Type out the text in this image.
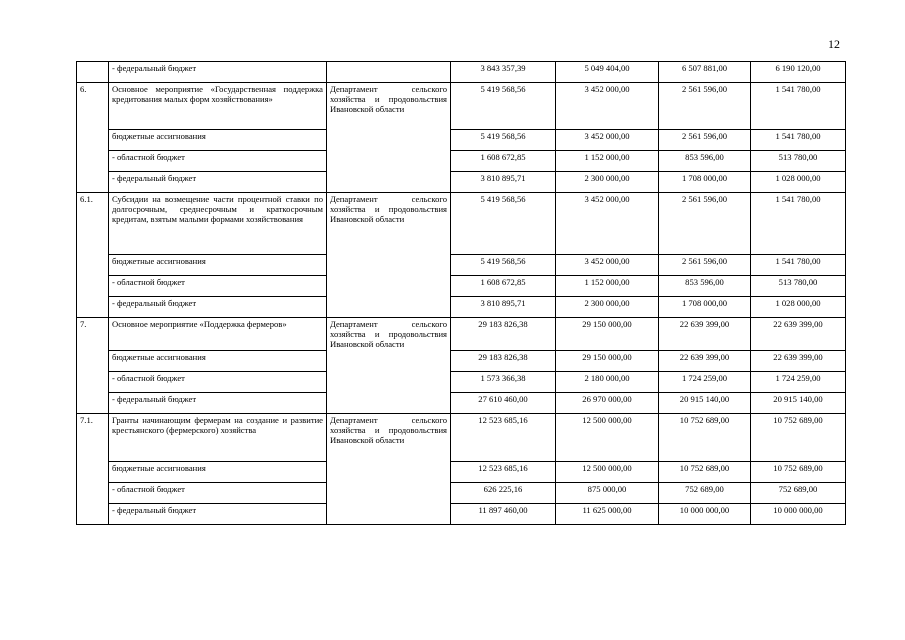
12
	- федеральный бюджет		3 843 357,39	5 049 404,00	6 507 881,00	6 190 120,00
6.	Основное мероприятие «Государственная поддержка кредитования малых форм хозяйствования»	Департамент сельского хозяйства и продовольствия Ивановской области	5 419 568,56	3 452 000,00	2 561 596,00	1 541 780,00
	бюджетные ассигнования		5 419 568,56	3 452 000,00	2 561 596,00	1 541 780,00
	- областной бюджет		1 608 672,85	1 152 000,00	853 596,00	513 780,00
	- федеральный бюджет		3 810 895,71	2 300 000,00	1 708 000,00	1 028 000,00
6.1.	Субсидии на возмещение части процентной ставки по долгосрочным, среднесрочным и краткосрочным кредитам, взятым малыми формами хозяйствования	Департамент сельского хозяйства и продовольствия Ивановской области	5 419 568,56	3 452 000,00	2 561 596,00	1 541 780,00
	бюджетные ассигнования		5 419 568,56	3 452 000,00	2 561 596,00	1 541 780,00
	- областной бюджет		1 608 672,85	1 152 000,00	853 596,00	513 780,00
	- федеральный бюджет		3 810 895,71	2 300 000,00	1 708 000,00	1 028 000,00
7.	Основное мероприятие «Поддержка фермеров»	Департамент сельского хозяйства и продовольствия Ивановской области	29 183 826,38	29 150 000,00	22 639 399,00	22 639 399,00
	бюджетные ассигнования		29 183 826,38	29 150 000,00	22 639 399,00	22 639 399,00
	- областной бюджет		1 573 366,38	2 180 000,00	1 724 259,00	1 724 259,00
	- федеральный бюджет		27 610 460,00	26 970 000,00	20 915 140,00	20 915 140,00
7.1.	Гранты начинающим фермерам на создание и развитие крестьянского (фермерского) хозяйства	Департамент сельского хозяйства и продовольствия Ивановской области	12 523 685,16	12 500 000,00	10 752 689,00	10 752 689,00
	бюджетные ассигнования		12 523 685,16	12 500 000,00	10 752 689,00	10 752 689,00
	- областной бюджет		626 225,16	875 000,00	752 689,00	752 689,00
	- федеральный бюджет		11 897 460,00	11 625 000,00	10 000 000,00	10 000 000,00
